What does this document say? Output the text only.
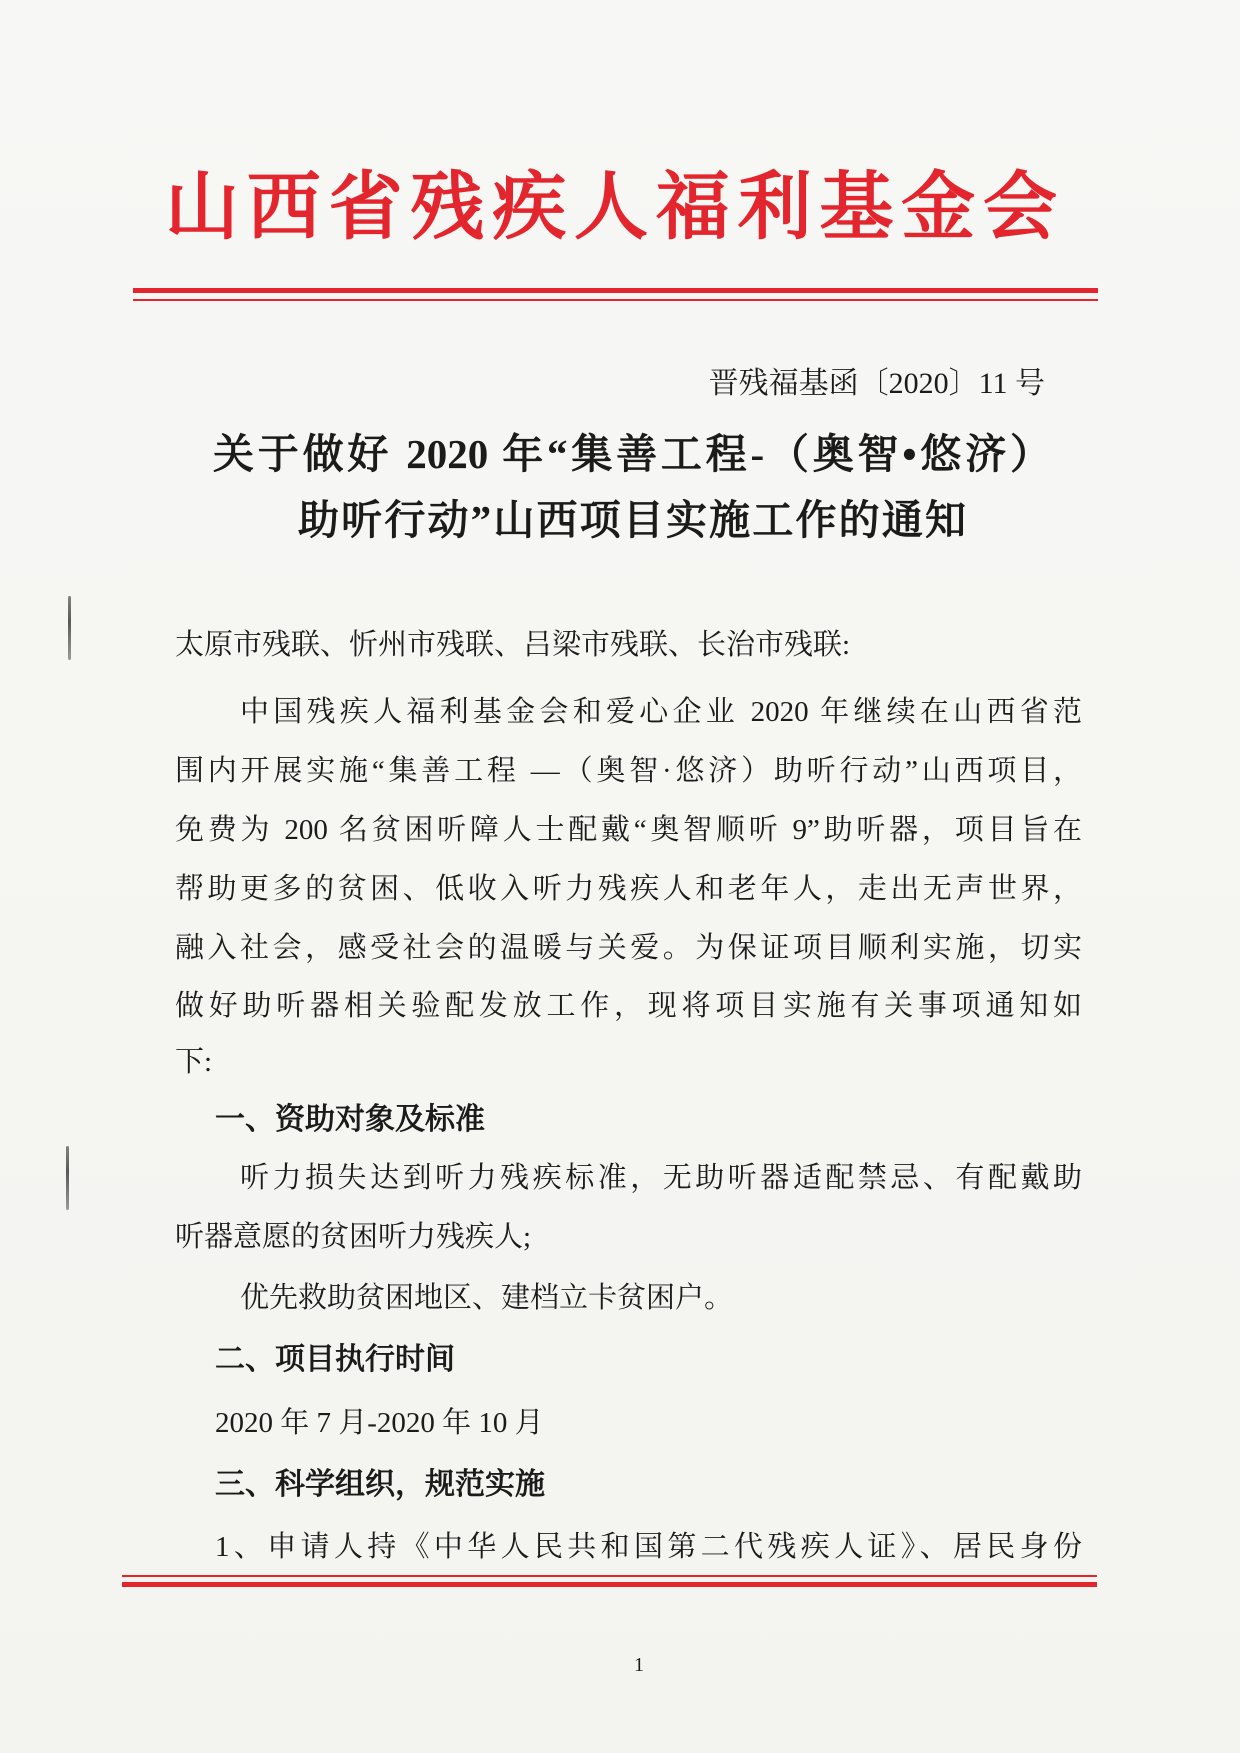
山西省残疾人福利基金会
晋残福基函〔2020〕11 号
关于做好 2020 年“集善工程-（奥智•悠济）
助听行动”山西项目实施工作的通知
太原市残联、忻州市残联、吕梁市残联、长治市残联:
中国残疾人福利基金会和爱心企业 2020 年继续在山西省范
围内开展实施“集善工程 —（奥智·悠济）助听行动”山西项目，
免费为 200 名贫困听障人士配戴“奥智顺听 9”助听器，项目旨在
帮助更多的贫困、低收入听力残疾人和老年人，走出无声世界，
融入社会，感受社会的温暖与关爱。为保证项目顺利实施，切实
做好助听器相关验配发放工作，现将项目实施有关事项通知如
下:
一、资助对象及标准
听力损失达到听力残疾标准，无助听器适配禁忌、有配戴助
听器意愿的贫困听力残疾人;
优先救助贫困地区、建档立卡贫困户。
二、项目执行时间
2020 年 7 月-2020 年 10 月
三、科学组织，规范实施
1、申请人持《中华人民共和国第二代残疾人证》、居民身份
1
